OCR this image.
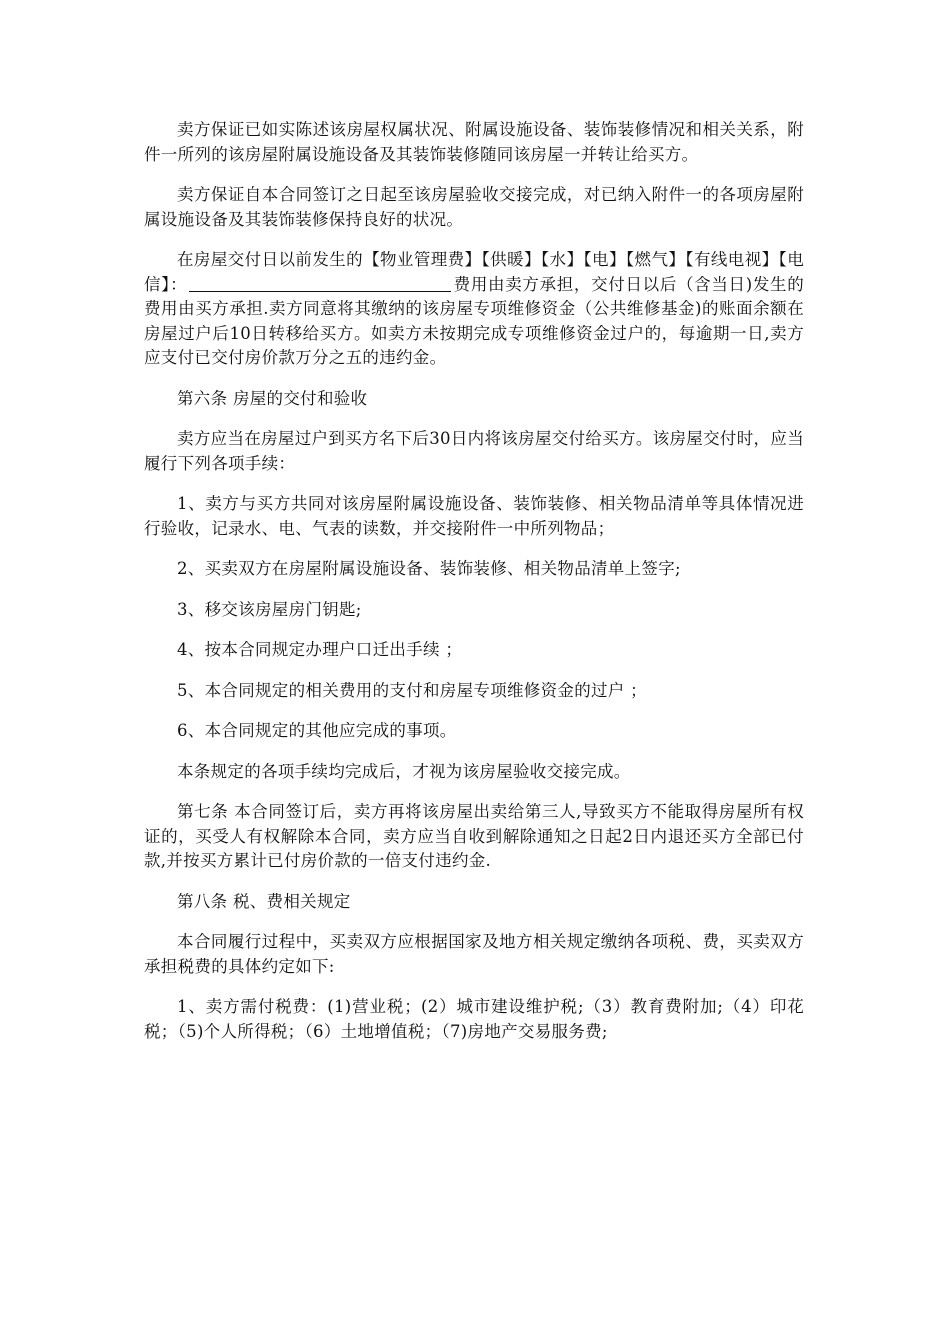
卖方保证已如实陈述该房屋权属状况、附属设施设备、装饰装修情况和相关关系，附件一所列的该房屋附属设施设备及其装饰装修随同该房屋一并转让给买方。

卖方保证自本合同签订之日起至该房屋验收交接完成，对已纳入附件一的各项房屋附属设施设备及其装饰装修保持良好的状况。

在房屋交付日以前发生的【物业管理费】【供暖】【水】【电】【燃气】【有线电视】【电 信】：	费用由卖方承担，交付日以后（含当日)发生的费用由买方承担.卖方同意将其缴纳的该房屋专项维修资金（公共维修基金)的账面余额在房屋过户后10日转移给买方。如卖方未按期完成专项维修资金过户的，每逾期一日,卖方应支付已交付房价款万分之五的违约金。

第六条 房屋的交付和验收

卖方应当在房屋过户到买方名下后30日内将该房屋交付给买方。该房屋交付时，应当履行下列各项手续：

1、卖方与买方共同对该房屋附属设施设备、装饰装修、相关物品清单等具体情况进行验收，记录水、电、气表的读数，并交接附件一中所列物品；

2、买卖双方在房屋附属设施设备、装饰装修、相关物品清单上签字;

3、移交该房屋房门钥匙;

4、按本合同规定办理户口迁出手续 ；

5、本合同规定的相关费用的支付和房屋专项维修资金的过户 ；

6、本合同规定的其他应完成的事项。

本条规定的各项手续均完成后，才视为该房屋验收交接完成。

第七条 本合同签订后，卖方再将该房屋出卖给第三人,导致买方不能取得房屋所有权证的，买受人有权解除本合同，卖方应当自收到解除通知之日起2日内退还买方全部已付款,并按买方累计已付房价款的一倍支付违约金.

第八条 税、费相关规定

本合同履行过程中，买卖双方应根据国家及地方相关规定缴纳各项税、费，买卖双方承担税费的具体约定如下:

1、卖方需付税费：(1)营业税；(2）城市建设维护税;（3）教育费附加;（4）印花税；（5)个人所得税；（6）土地增值税；（7)房地产交易服务费;
